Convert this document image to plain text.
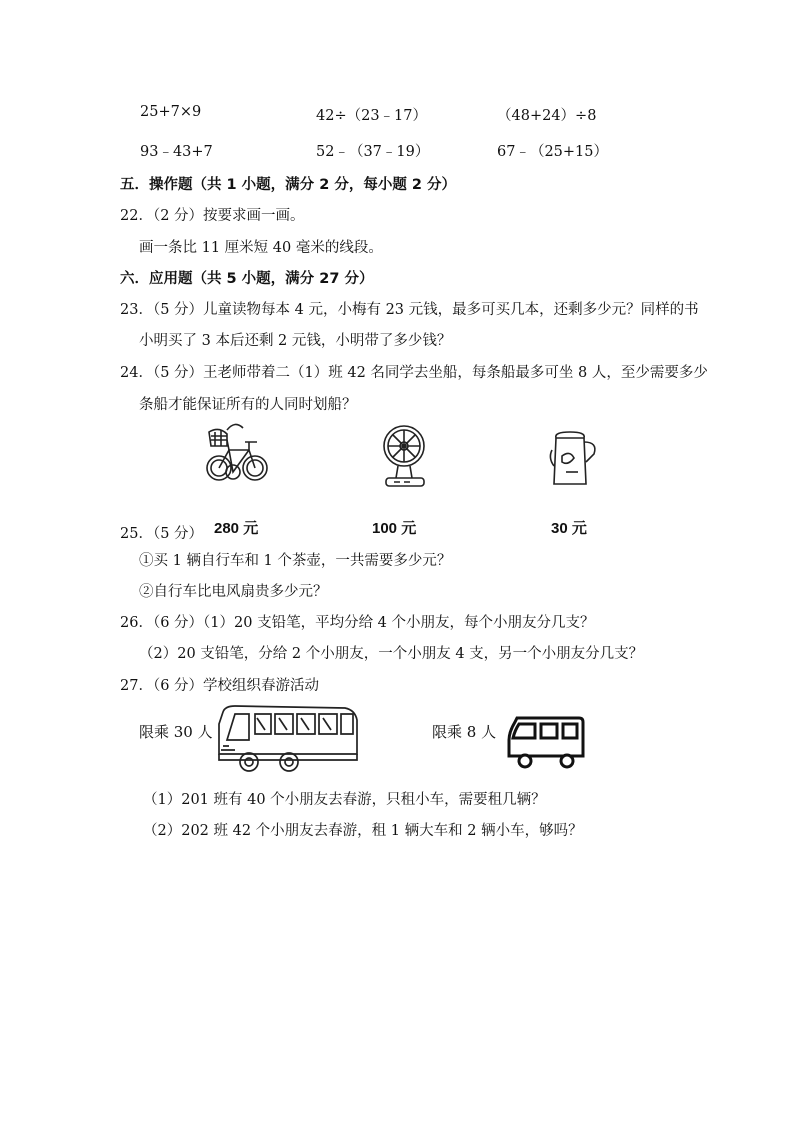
25+7×9	42÷（23﹣17）	（48+24）÷8
93﹣43+7	52﹣（37﹣19）	67﹣（25+15）
五．操作题（共 1 小题，满分 2 分，每小题 2 分）
22．（2 分）按要求画一画。
画一条比 11 厘米短 40 毫米的线段。
六．应用题（共 5 小题，满分 27 分）
23．（5 分）儿童读物每本 4 元，小梅有 23 元钱，最多可买几本，还剩多少元？同样的书
小明买了 3 本后还剩 2 元钱，小明带了多少钱？
24．（5 分）王老师带着二（1）班 42 名同学去坐船，每条船最多可坐 8 人，至少需要多少
条船才能保证所有的人同时划船？
25．（5 分） 280 元	100 元	30 元
①买 1 辆自行车和 1 个茶壶，一共需要多少元？
②自行车比电风扇贵多少元？
26．（6 分）（1）20 支铅笔，平均分给 4 个小朋友，每个小朋友分几支？
（2）20 支铅笔，分给 2 个小朋友，一个小朋友 4 支，另一个小朋友分几支？
27．（6 分）学校组织春游活动
限乘 30 人	限乘 8 人
（1）201 班有 40 个小朋友去春游，只租小车，需要租几辆？
（2）202 班 42 个小朋友去春游，租 1 辆大车和 2 辆小车，够吗？
